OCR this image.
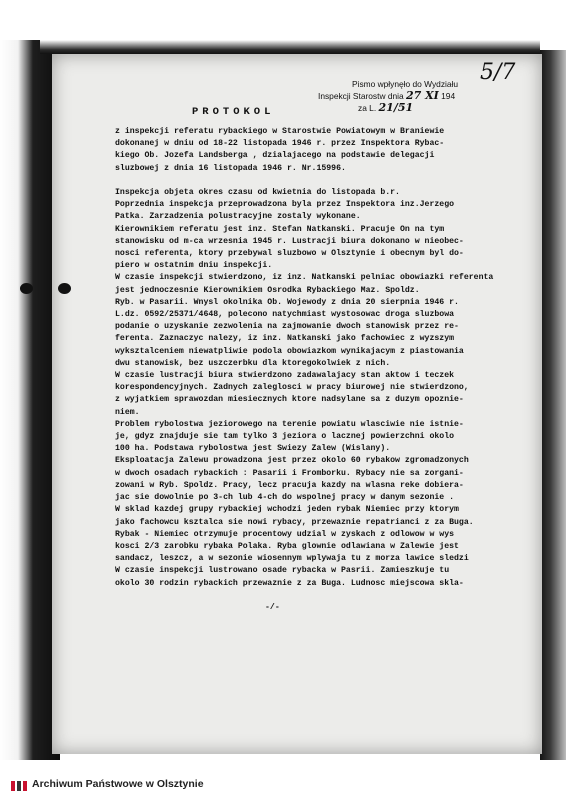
Pismo wpłynęło do Wydziału
Inspekcji Starostw dnia 27 XI 194
za L. 21/51
5/7
PROTOKOL
z inspekcji referatu rybackiego w Starostwie Powiatowym w Braniewie
dokonanej w dniu od 18-22 listopada 1946 r. przez Inspektora Rybac-
kiego Ob. Jozefa Landsberga , dzialajacego na podstawie delegacji
sluzbowej z dnia 16 listopada 1946 r. Nr.15996.

Inspekcja objeta okres czasu od kwietnia do listopada b.r.
Poprzednia inspekcja przeprowadzona byla przez Inspektora inz.Jerzego
Patka. Zarzadzenia polustracyjne zostaly wykonane.
Kierownikiem referatu jest inz. Stefan Natkanski. Pracuje On na tym
stanowisku od m-ca wrzesnia 1945 r. Lustracji biura dokonano w nieobec-
nosci referenta, ktory przebywal sluzbowo w Olsztynie i obecnym byl do-
piero w ostatnim dniu inspekcji.
W czasie inspekcji stwierdzono, iz inz. Natkanski pelniac obowiazki referenta
jest jednoczesnie Kierownikiem Osrodka Rybackiego Maz. Spoldz.
Ryb. w Pasarii. Wnysl okolnika Ob. Wojewody z dnia 20 sierpnia 1946 r.
L.dz. 0592/25371/4648, polecono natychmiast wystosowac droga sluzbowa
podanie o uzyskanie zezwolenia na zajmowanie dwoch stanowisk przez re-
ferenta. Zaznaczyc nalezy, iz inz. Natkanski jako fachowiec z wyzszym
wyksztalceniem niewatpliwie podola obowiazkom wynikajacym z piastowania
dwu stanowisk, bez uszczerbku dla ktoregokolwiek z nich.
W czasie lustracji biura stwierdzono zadawalajacy stan aktow i teczek
korespondencyjnych. Zadnych zaleglosci w pracy biurowej nie stwierdzono,
z wyjatkiem sprawozdan miesiecznych ktore nadsylane sa z duzym opoznie-
niem.
Problem rybolostwa jeziorowego na terenie powiatu wlasciwie nie istnie-
je, gdyz znajduje sie tam tylko 3 jeziora o lacznej powierzchni okolo
100 ha. Podstawa rybolostwa jest Swiezy Zalew (Wislany).
Eksploatacja Zalewu prowadzona jest przez okolo 60 rybakow zgromadzonych
w dwoch osadach rybackich : Pasarii i Fromborku. Rybacy nie sa zorgani-
zowani w Ryb. Spoldz. Pracy, lecz pracuja kazdy na wlasna reke dobiera-
jac sie dowolnie po 3-ch lub 4-ch do wspolnej pracy w danym sezonie .
W sklad kazdej grupy rybackiej wchodzi jeden rybak Niemiec przy ktorym
jako fachowcu ksztalca sie nowi rybacy, przewaznie repatrianci z za Buga.
Rybak - Niemiec otrzymuje procentowy udzial w zyskach z odlowow w wys
kosci 2/3 zarobku rybaka Polaka. Ryba glownie odlawiana w Zalewie jest
sandacz, leszcz, a w sezonie wiosennym wplywaja tu z morza lawice sledzi
W czasie inspekcji lustrowano osade rybacka w Pasrii. Zamieszkuje tu
okolo 30 rodzin rybackich przewaznie z za Buga. Ludnosc miejscowa skla-

-/-
Archiwum Państwowe w Olsztynie
